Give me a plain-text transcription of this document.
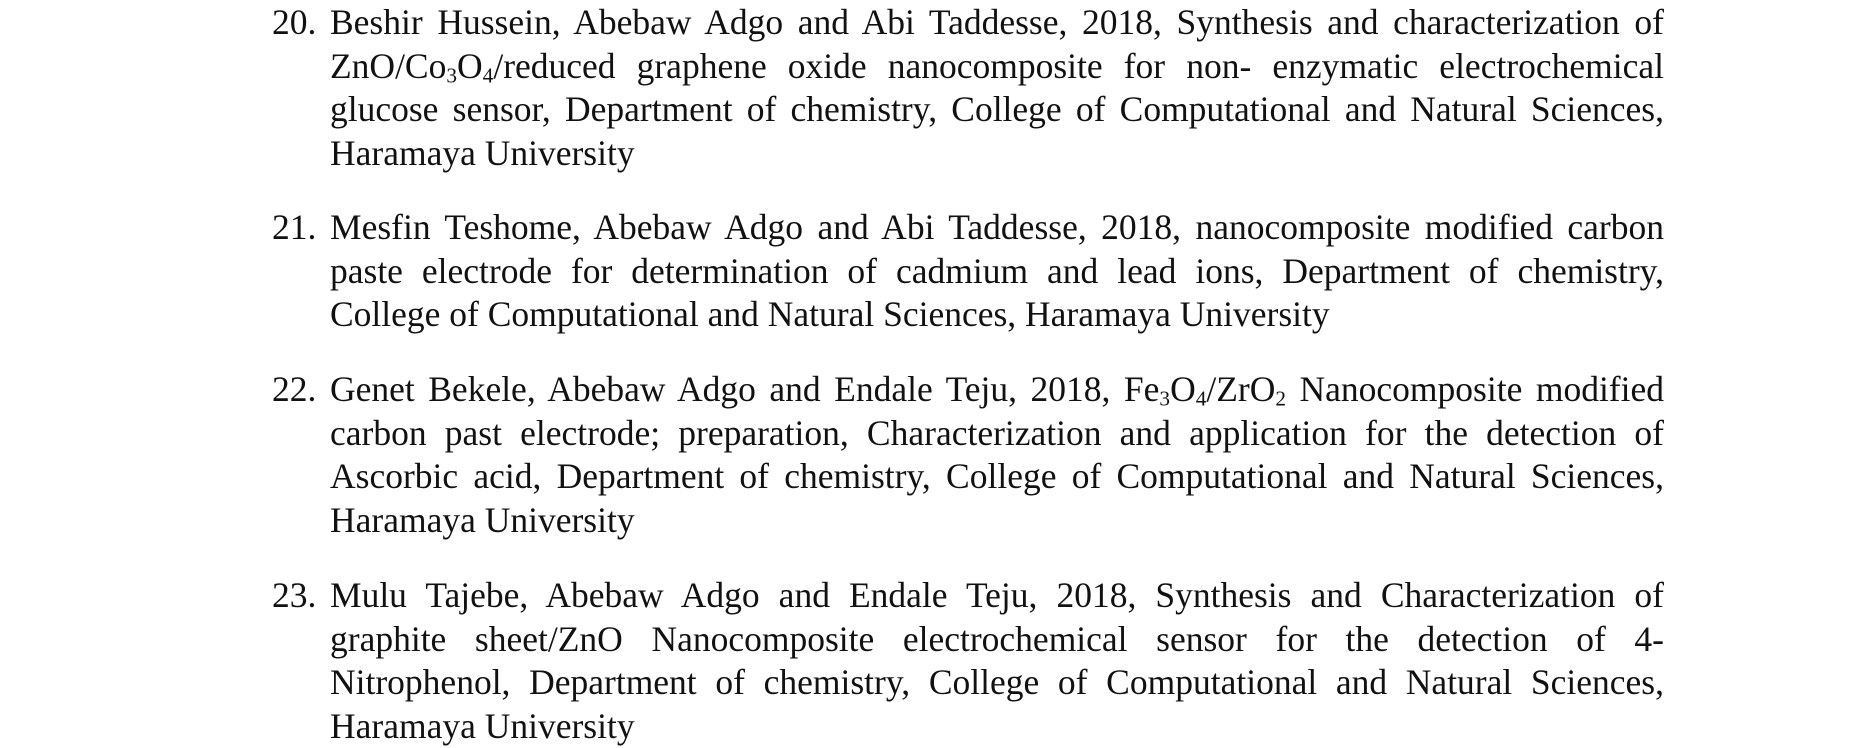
20. Beshir Hussein, Abebaw Adgo and Abi Taddesse, 2018, Synthesis and characterization of ZnO/$Co_3O_4$/reduced graphene oxide nanocomposite for non- enzymatic electrochemical glucose sensor, Department of chemistry, College of Computational and Natural Sciences, Haramaya University
21. Mesfin Teshome, Abebaw Adgo and Abi Taddesse, 2018, nanocomposite modified carbon paste electrode for determination of cadmium and lead ions, Department of chemistry, College of Computational and Natural Sciences, Haramaya University
22. Genet Bekele, Abebaw Adgo and Endale Teju, 2018, $Fe_3O_4/ZrO_2$ Nanocomposite modified carbon past electrode; preparation, Characterization and application for the detection of Ascorbic acid, Department of chemistry, College of Computational and Natural Sciences, Haramaya University
23. Mulu Tajebe, Abebaw Adgo and Endale Teju, 2018, Synthesis and Characterization of graphite sheet/ZnO Nanocomposite electrochemical sensor for the detection of 4-Nitrophenol, Department of chemistry, College of Computational and Natural Sciences, Haramaya University
